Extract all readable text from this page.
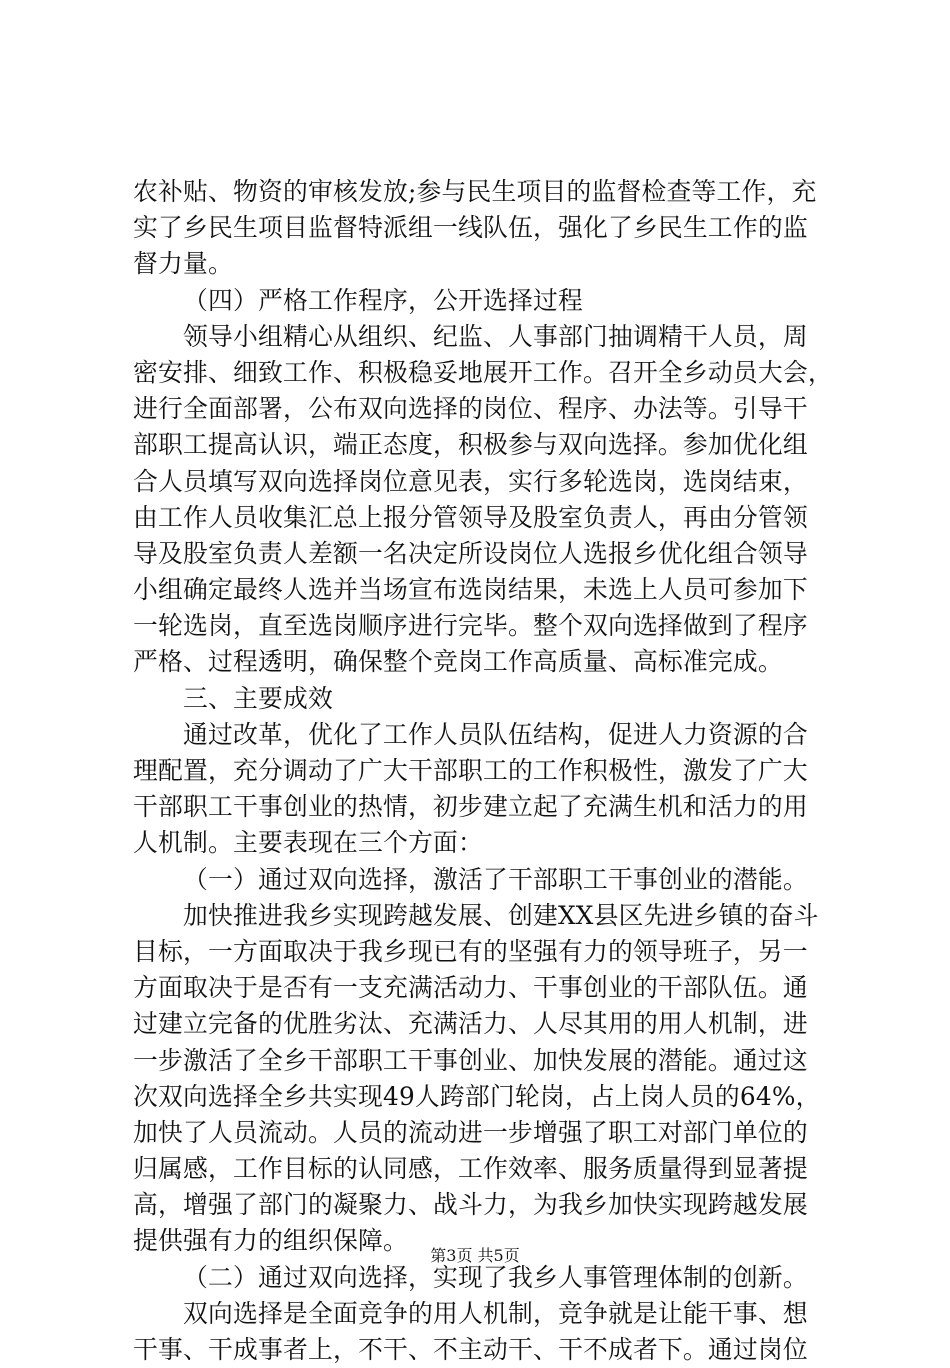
农补贴、物资的审核发放;参与民生项目的监督检查等工作，充
实了乡民生项目监督特派组一线队伍，强化了乡民生工作的监
督力量。
（四）严格工作程序，公开选择过程
领导小组精心从组织、纪监、人事部门抽调精干人员，周
密安排、细致工作、积极稳妥地展开工作。召开全乡动员大会，
进行全面部署，公布双向选择的岗位、程序、办法等。引导干
部职工提高认识，端正态度，积极参与双向选择。参加优化组
合人员填写双向选择岗位意见表，实行多轮选岗，选岗结束，
由工作人员收集汇总上报分管领导及股室负责人，再由分管领
导及股室负责人差额一名决定所设岗位人选报乡优化组合领导
小组确定最终人选并当场宣布选岗结果，未选上人员可参加下
一轮选岗，直至选岗顺序进行完毕。整个双向选择做到了程序
严格、过程透明，确保整个竞岗工作高质量、高标准完成。
三、主要成效
通过改革，优化了工作人员队伍结构，促进人力资源的合
理配置，充分调动了广大干部职工的工作积极性，激发了广大
干部职工干事创业的热情，初步建立起了充满生机和活力的用
人机制。主要表现在三个方面：
（一）通过双向选择，激活了干部职工干事创业的潜能。
加快推进我乡实现跨越发展、创建XX县区先进乡镇的奋斗
目标，一方面取决于我乡现已有的坚强有力的领导班子，另一
方面取决于是否有一支充满活动力、干事创业的干部队伍。通
过建立完备的优胜劣汰、充满活力、人尽其用的用人机制，进
一步激活了全乡干部职工干事创业、加快发展的潜能。通过这
次双向选择全乡共实现49人跨部门轮岗，占上岗人员的64%，
加快了人员流动。人员的流动进一步增强了职工对部门单位的
归属感，工作目标的认同感，工作效率、服务质量得到显著提
高，增强了部门的凝聚力、战斗力，为我乡加快实现跨越发展
提供强有力的组织保障。
（二）通过双向选择，实现了我乡人事管理体制的创新。
双向选择是全面竞争的用人机制，竞争就是让能干事、想
干事、干成事者上，不干、不主动干、干不成者下。通过岗位
第3页 共5页
